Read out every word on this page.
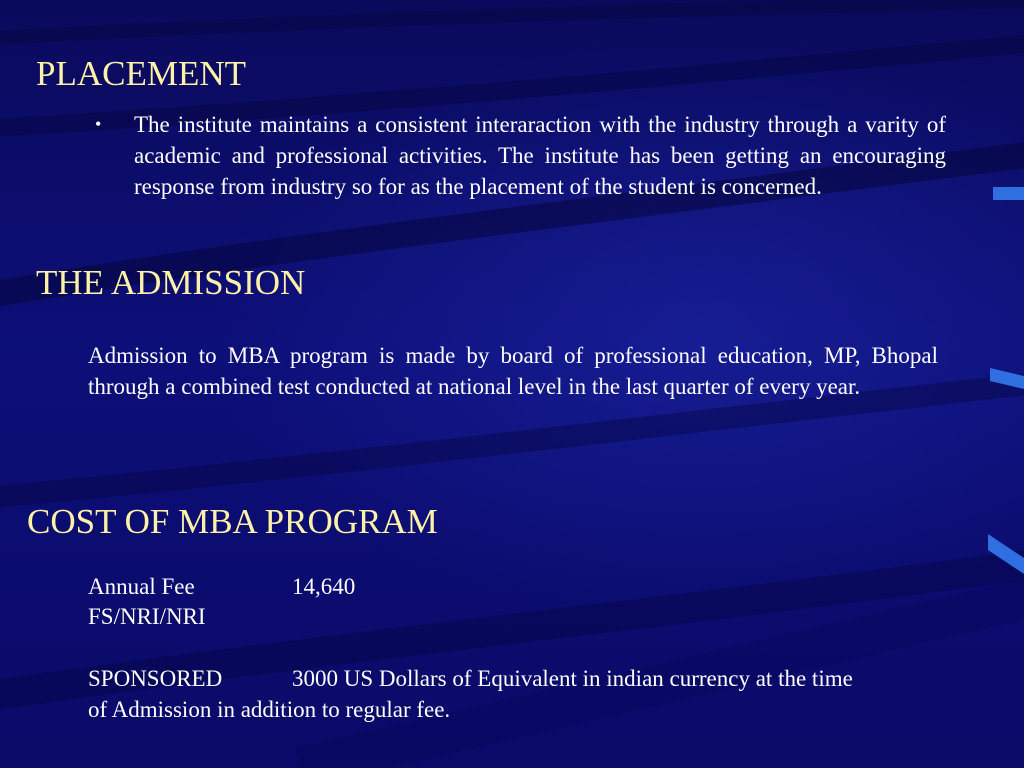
PLACEMENT
• The institute maintains a consistent interaraction with the industry through a varity of academic and professional activities. The institute has been getting an encouraging response from industry so for as the placement of the student is concerned.
THE ADMISSION
Admission to MBA program is made by board of professional education, MP, Bhopal through a combined test conducted at national level in the last quarter of every year.
COST OF MBA PROGRAM
Annual Fee	14,640
FS/NRI/NRI
SPONSORED	3000 US Dollars of Equivalent in indian currency at the time
of Admission in addition to regular fee.
